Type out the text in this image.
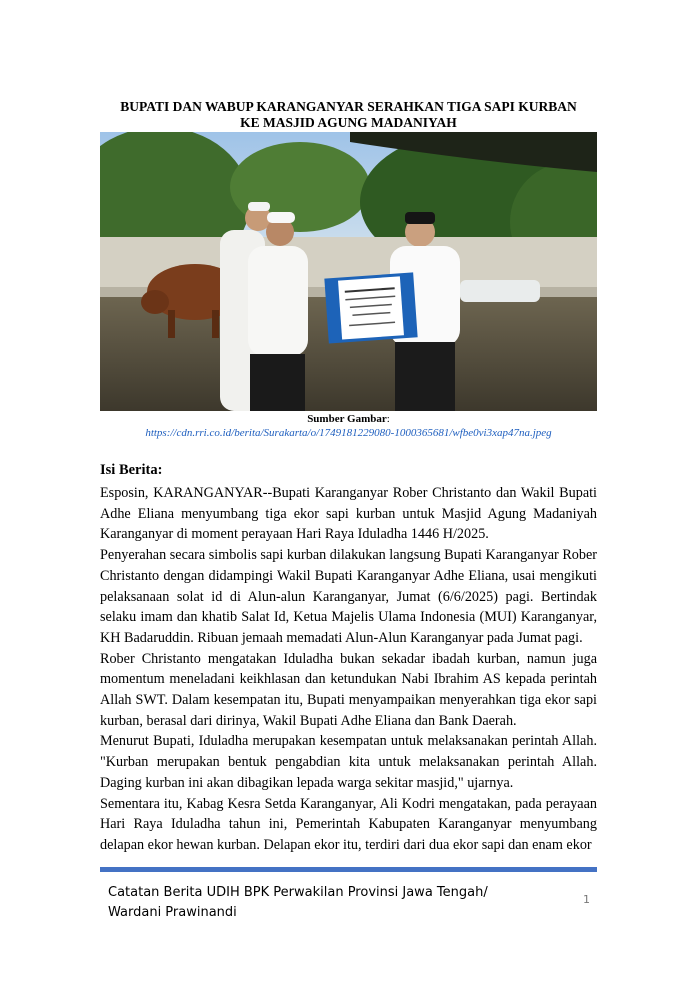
BUPATI DAN WABUP KARANGANYAR SERAHKAN TIGA SAPI KURBAN
KE MASJID AGUNG MADANIYAH
Sumber Gambar:
https://cdn.rri.co.id/berita/Surakarta/o/1749181229080-1000365681/wfbe0vi3xap47na.jpeg
Isi Berita:

Esposin, KARANGANYAR--Bupati Karanganyar Rober Christanto dan Wakil Bupati Adhe Eliana menyumbang tiga ekor sapi kurban untuk Masjid Agung Madaniyah Karanganyar di moment perayaan Hari Raya Iduladha 1446 H/2025.

Penyerahan secara simbolis sapi kurban dilakukan langsung Bupati Karanganyar Rober Christanto dengan didampingi Wakil Bupati Karanganyar Adhe Eliana, usai mengikuti pelaksanaan solat id di Alun-alun Karanganyar, Jumat (6/6/2025) pagi. Bertindak selaku imam dan khatib Salat Id, Ketua Majelis Ulama Indonesia (MUI) Karanganyar, KH Badaruddin. Ribuan jemaah memadati Alun-Alun Karanganyar pada Jumat pagi.

Rober Christanto mengatakan Iduladha bukan sekadar ibadah kurban, namun juga momentum meneladani keikhlasan dan ketundukan Nabi Ibrahim AS kepada perintah Allah SWT. Dalam kesempatan itu, Bupati menyampaikan menyerahkan tiga ekor sapi kurban, berasal dari dirinya, Wakil Bupati Adhe Eliana dan Bank Daerah.

Menurut Bupati, Iduladha merupakan kesempatan untuk melaksanakan perintah Allah. "Kurban merupakan bentuk pengabdian kita untuk melaksanakan perintah Allah. Daging kurban ini akan dibagikan lepada warga sekitar masjid," ujarnya.

Sementara itu, Kabag Kesra Setda Karanganyar, Ali Kodri mengatakan, pada perayaan Hari Raya Iduladha tahun ini, Pemerintah Kabupaten Karanganyar menyumbang delapan ekor hewan kurban. Delapan ekor itu, terdiri dari dua ekor sapi dan enam ekor

Catatan Berita UDIH BPK Perwakilan Provinsi Jawa Tengah/
Wardani Prawinandi
1
